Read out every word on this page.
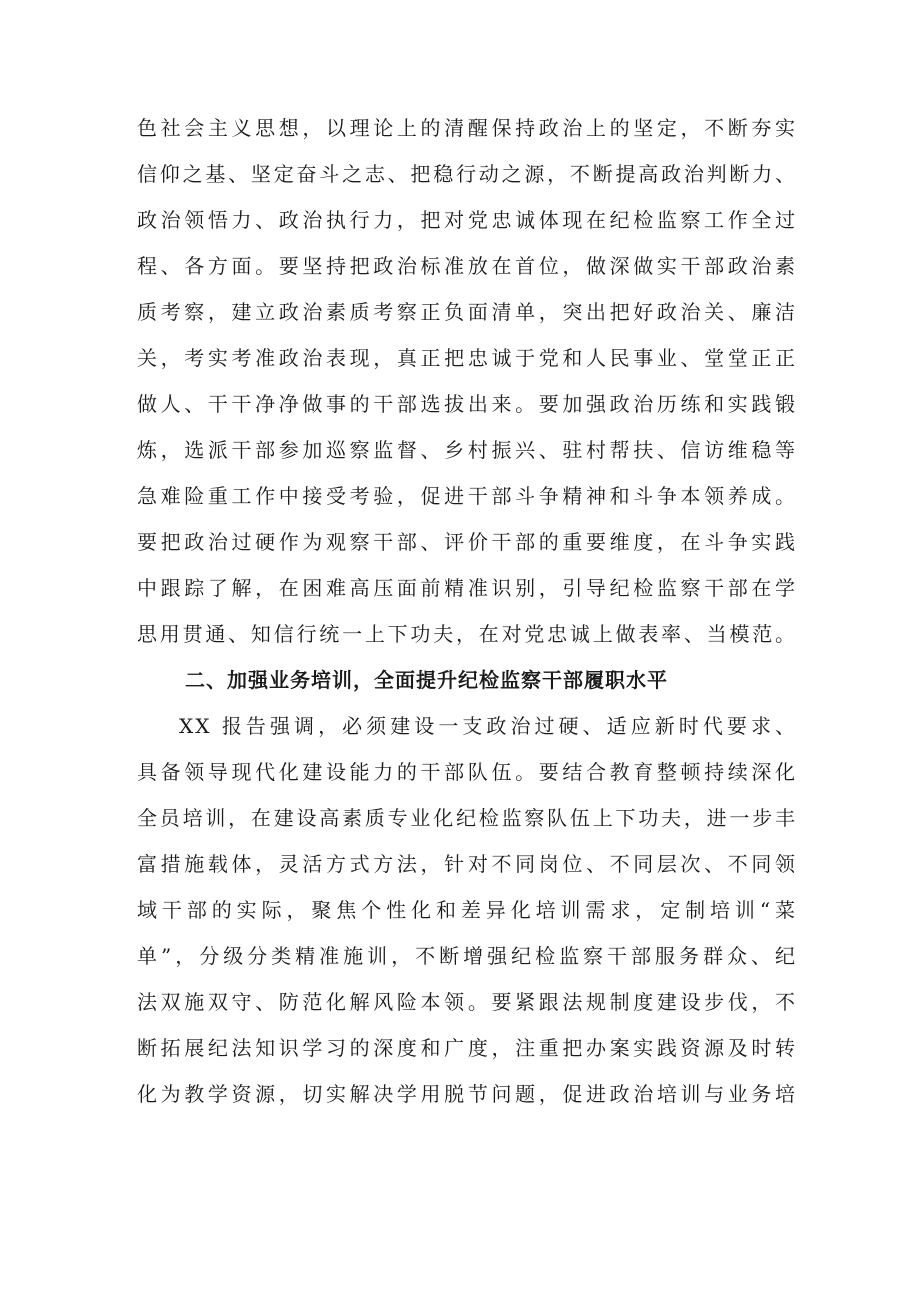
色社会主义思想，以理论上的清醒保持政治上的坚定，不断夯实
信仰之基、坚定奋斗之志、把稳行动之源，不断提高政治判断力、
政治领悟力、政治执行力，把对党忠诚体现在纪检监察工作全过
程、各方面。要坚持把政治标准放在首位，做深做实干部政治素
质考察，建立政治素质考察正负面清单，突出把好政治关、廉洁
关，考实考准政治表现，真正把忠诚于党和人民事业、堂堂正正
做人、干干净净做事的干部选拔出来。要加强政治历练和实践锻
炼，选派干部参加巡察监督、乡村振兴、驻村帮扶、信访维稳等
急难险重工作中接受考验，促进干部斗争精神和斗争本领养成。
要把政治过硬作为观察干部、评价干部的重要维度，在斗争实践
中跟踪了解，在困难高压面前精准识别，引导纪检监察干部在学
思用贯通、知信行统一上下功夫，在对党忠诚上做表率、当模范。
二、加强业务培训，全面提升纪检监察干部履职水平
XX 报告强调，必须建设一支政治过硬、适应新时代要求、
具备领导现代化建设能力的干部队伍。要结合教育整顿持续深化
全员培训，在建设高素质专业化纪检监察队伍上下功夫，进一步丰
富措施载体，灵活方式方法，针对不同岗位、不同层次、不同领
域干部的实际，聚焦个性化和差异化培训需求，定制培训“菜
单”，分级分类精准施训，不断增强纪检监察干部服务群众、纪
法双施双守、防范化解风险本领。要紧跟法规制度建设步伐，不
断拓展纪法知识学习的深度和广度，注重把办案实践资源及时转
化为教学资源，切实解决学用脱节问题，促进政治培训与业务培
